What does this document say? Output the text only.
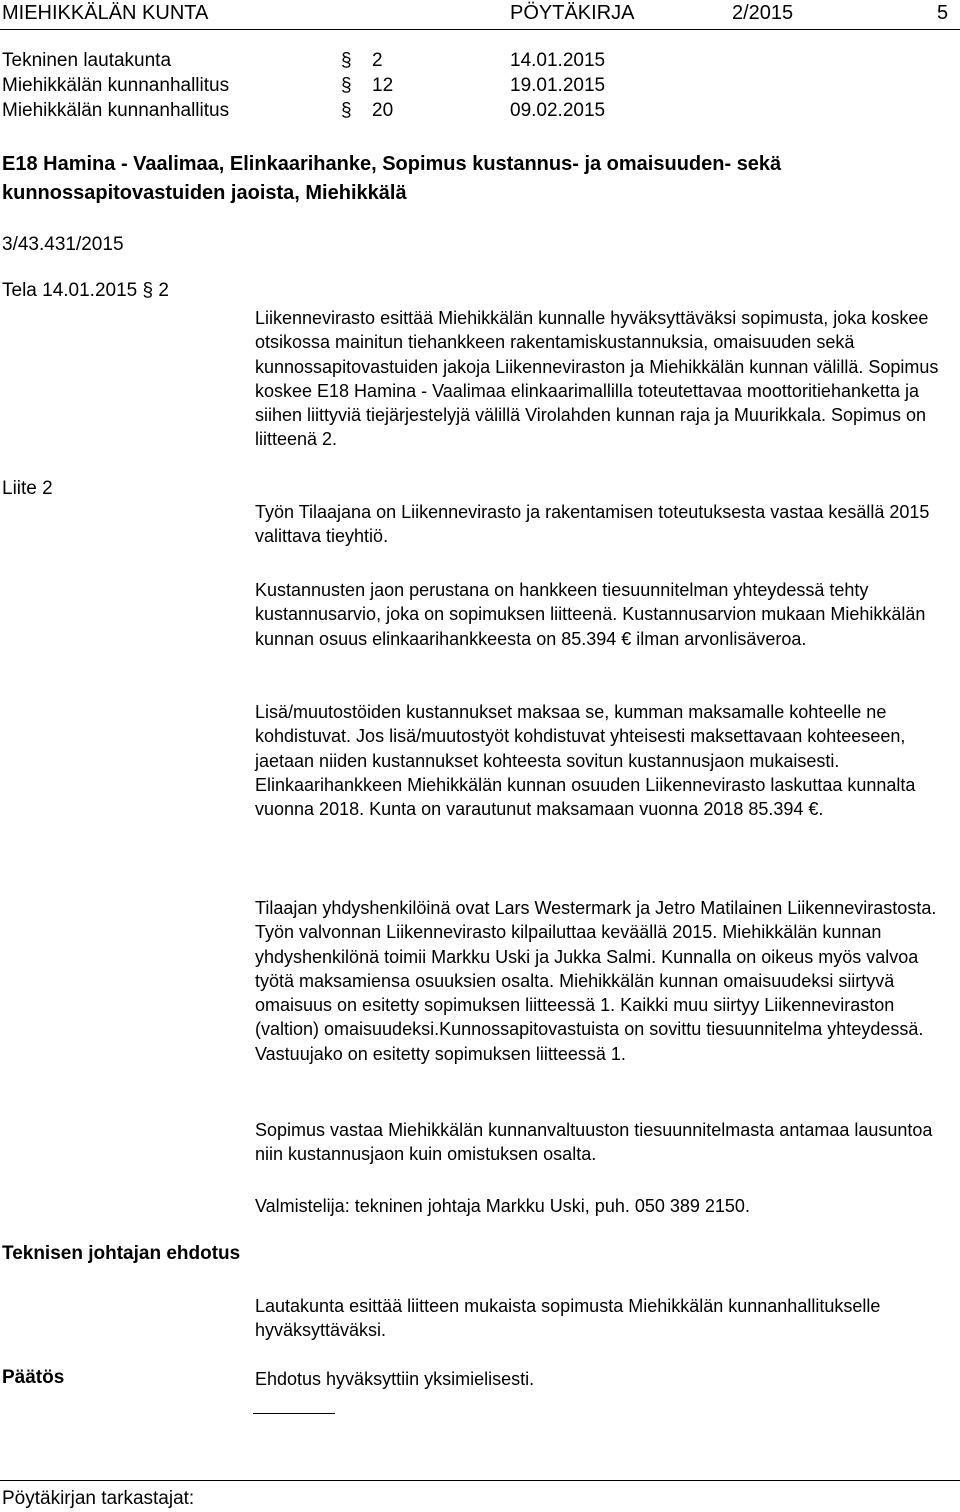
MIEHIKKÄLÄN KUNTA	PÖYTÄKIRJA	2/2015	5
Tekninen lautakunta	§ 2	14.01.2015
Miehikkälän kunnanhallitus	§ 12	19.01.2015
Miehikkälän kunnanhallitus	§ 20	09.02.2015
E18 Hamina - Vaalimaa, Elinkaarihanke, Sopimus kustannus- ja omaisuuden- sekä kunnossapitovastuiden jaoista, Miehikkälä
3/43.431/2015
Tela 14.01.2015 § 2
Liite 2
Liikennevirasto esittää Miehikkälän kunnalle hyväksyttäväksi sopimusta, joka koskee otsikossa mainitun tiehankkeen rakentamiskustannuksia, omaisuuden sekä kunnossapitovastuiden jakoja Liikenneviraston ja Miehikkälän kunnan välillä. Sopimus koskee E18 Hamina - Vaalimaa elinkaarimallilla toteutettavaa moottoritiehanketta ja siihen liittyviä tiejärjestelyjä välillä Virolahden kunnan raja ja Muurikkala. Sopimus on liitteenä 2.
Työn Tilaajana on Liikennevirasto ja rakentamisen toteutuksesta vastaa kesällä 2015 valittava tieyhtiö.
Kustannusten jaon perustana on hankkeen tiesuunnitelman yhteydessä tehty kustannusarvio, joka on sopimuksen liitteenä. Kustannusarvion mukaan Miehikkälän kunnan osuus elinkaarihankkeesta on 85.394 € ilman arvonlisäveroa.
Lisä/muutostöiden kustannukset maksaa se, kumman maksamalle kohteelle ne kohdistuvat. Jos lisä/muutostyöt kohdistuvat yhteisesti maksettavaan kohteeseen, jaetaan niiden kustannukset kohteesta sovitun kustannusjaon mukaisesti.
Elinkaarihankkeen Miehikkälän kunnan osuuden Liikennevirasto laskuttaa kunnalta vuonna 2018. Kunta on varautunut maksamaan vuonna 2018 85.394 €.
Tilaajan yhdyshenkilöinä ovat Lars Westermark ja Jetro Matilainen Liikennevirastosta. Työn valvonnan Liikennevirasto kilpailuttaa keväällä 2015. Miehikkälän kunnan yhdyshenkilönä toimii Markku Uski ja Jukka Salmi. Kunnalla on oikeus myös valvoa työtä maksamiensa osuuksien osalta. Miehikkälän kunnan omaisuudeksi siirtyvä omaisuus on esitetty sopimuksen liitteessä 1. Kaikki muu siirtyy Liikenneviraston (valtion) omaisuudeksi.Kunnossapitovastuista on sovittu tiesuunnitelma yhteydessä. Vastuujako on esitetty sopimuksen liitteessä 1.
Sopimus vastaa Miehikkälän kunnanvaltuuston tiesuunnitelmasta antamaa lausuntoa niin kustannusjaon kuin omistuksen osalta.
Valmistelija: tekninen johtaja Markku Uski, puh. 050 389 2150.
Teknisen johtajan ehdotus
Lautakunta esittää liitteen mukaista sopimusta Miehikkälän kunnanhallitukselle hyväksyttäväksi.
Päätös	Ehdotus hyväksyttiin yksimielisesti.
Pöytäkirjan tarkastajat:
